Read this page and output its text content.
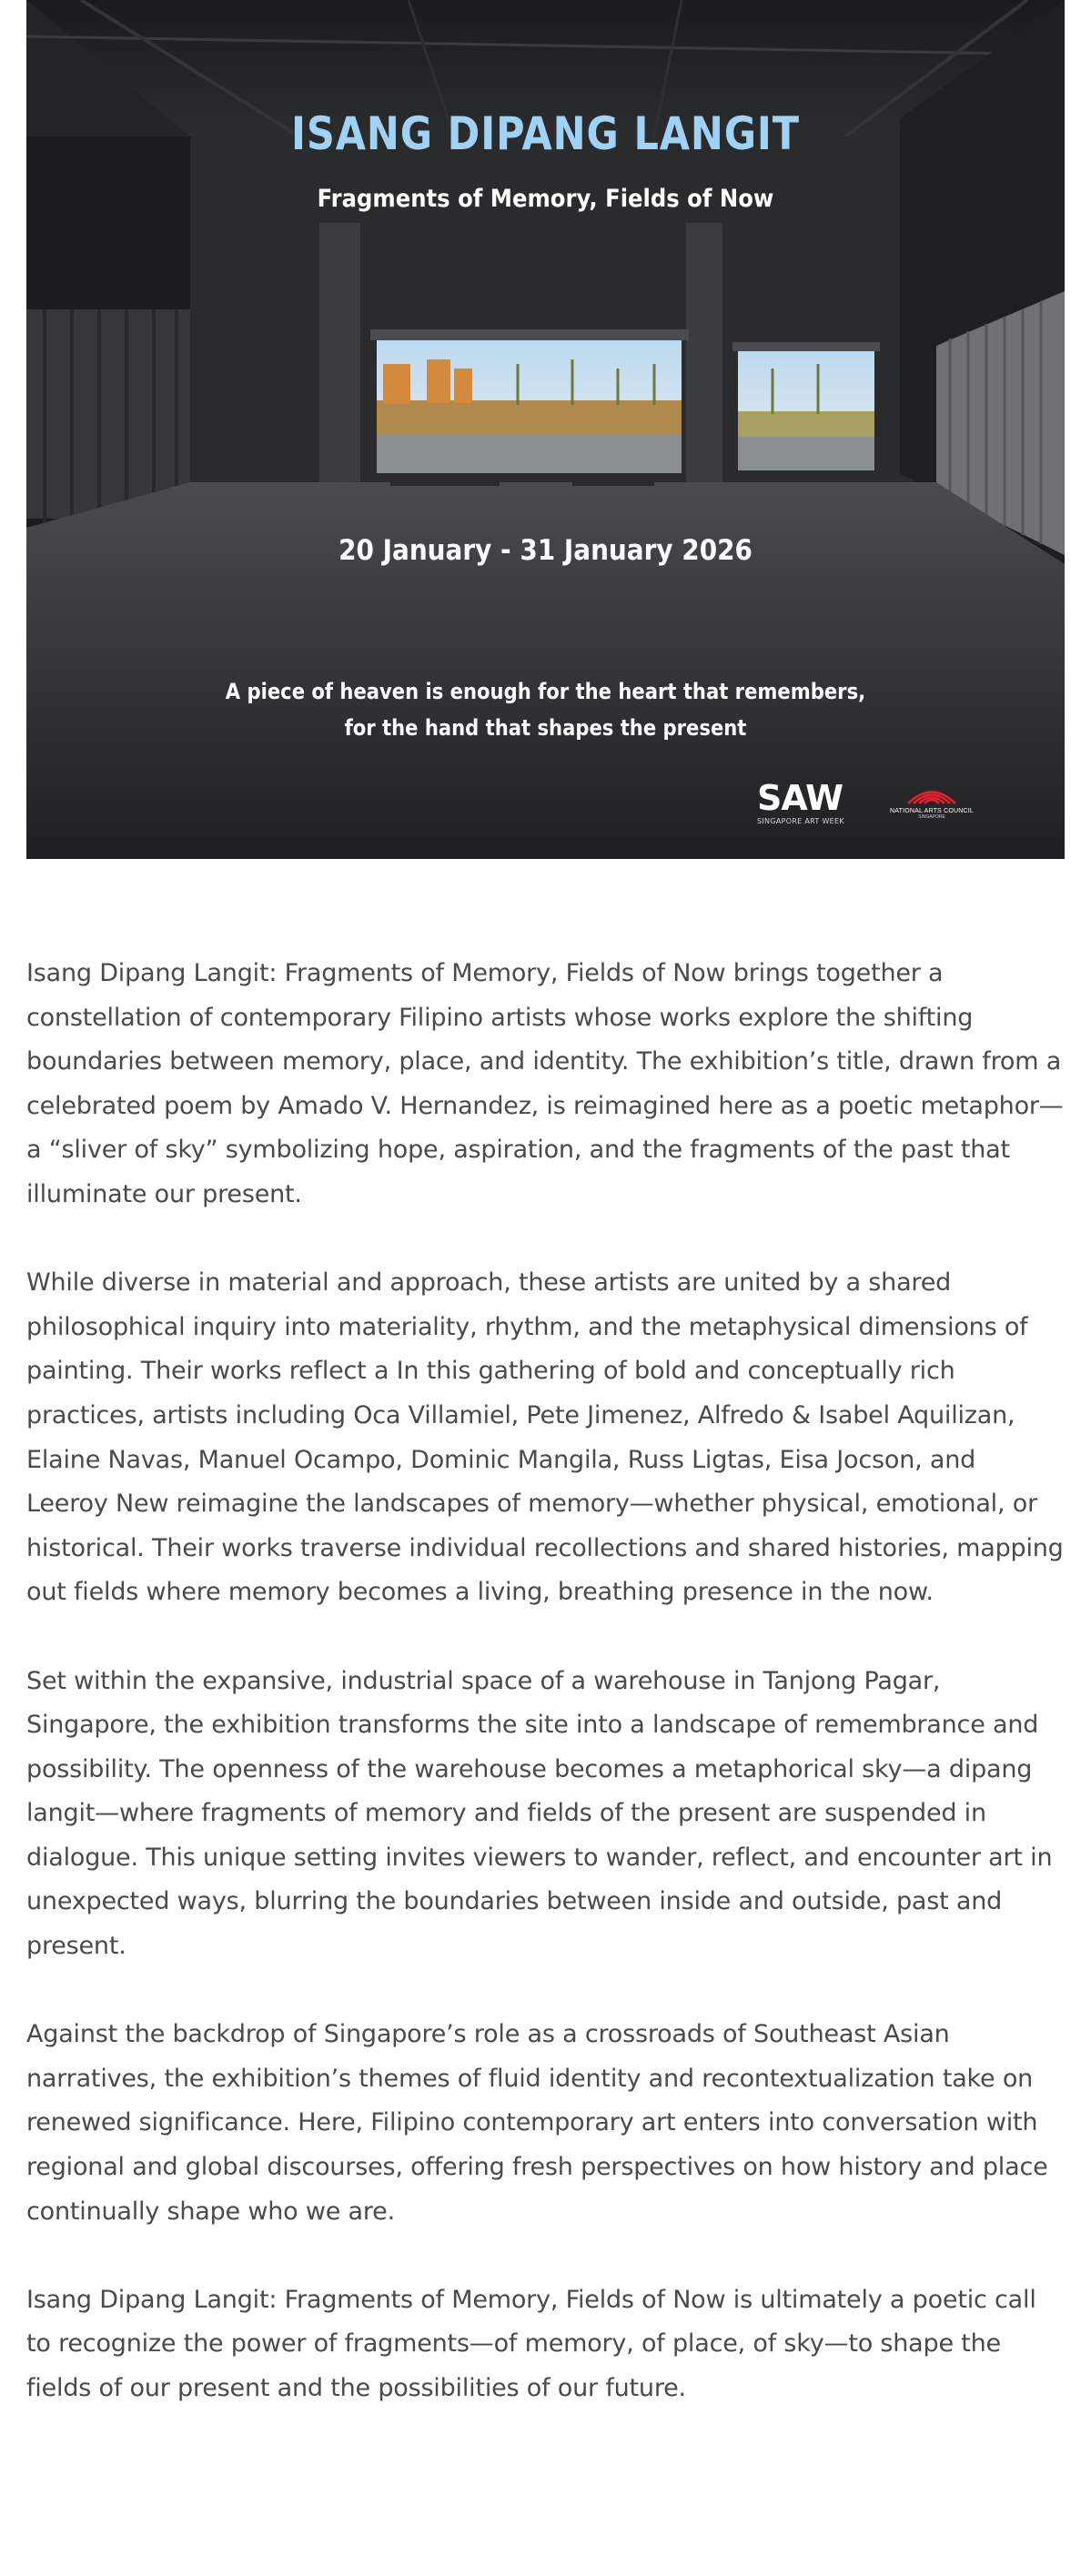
ISANG DIPANG LANGIT

Fragments of Memory, Fields of Now

20 January - 31 January 2026

A piece of heaven is enough for the heart that remembers,
for the hand that shapes the present

SAW
SINGAPORE ART WEEK
NATIONAL ARTS COUNCIL
SINGAPORE

Isang Dipang Langit: Fragments of Memory, Fields of Now brings together a constellation of contemporary Filipino artists whose works explore the shifting boundaries between memory, place, and identity. The exhibition’s title, drawn from a celebrated poem by Amado V. Hernandez, is reimagined here as a poetic metaphor—a “sliver of sky” symbolizing hope, aspiration, and the fragments of the past that illuminate our present.

While diverse in material and approach, these artists are united by a shared philosophical inquiry into materiality, rhythm, and the metaphysical dimensions of painting. Their works reflect a In this gathering of bold and conceptually rich practices, artists including Oca Villamiel, Pete Jimenez, Alfredo & Isabel Aquilizan, Elaine Navas, Manuel Ocampo, Dominic Mangila, Russ Ligtas, Eisa Jocson, and Leeroy New reimagine the landscapes of memory—whether physical, emotional, or historical. Their works traverse individual recollections and shared histories, mapping out fields where memory becomes a living, breathing presence in the now.

Set within the expansive, industrial space of a warehouse in Tanjong Pagar, Singapore, the exhibition transforms the site into a landscape of remembrance and possibility. The openness of the warehouse becomes a metaphorical sky—a dipang langit—where fragments of memory and fields of the present are suspended in dialogue. This unique setting invites viewers to wander, reflect, and encounter art in unexpected ways, blurring the boundaries between inside and outside, past and present.

Against the backdrop of Singapore’s role as a crossroads of Southeast Asian narratives, the exhibition’s themes of fluid identity and recontextualization take on renewed significance. Here, Filipino contemporary art enters into conversation with regional and global discourses, offering fresh perspectives on how history and place continually shape who we are.

Isang Dipang Langit: Fragments of Memory, Fields of Now is ultimately a poetic call to recognize the power of fragments—of memory, of place, of sky—to shape the fields of our present and the possibilities of our future.
